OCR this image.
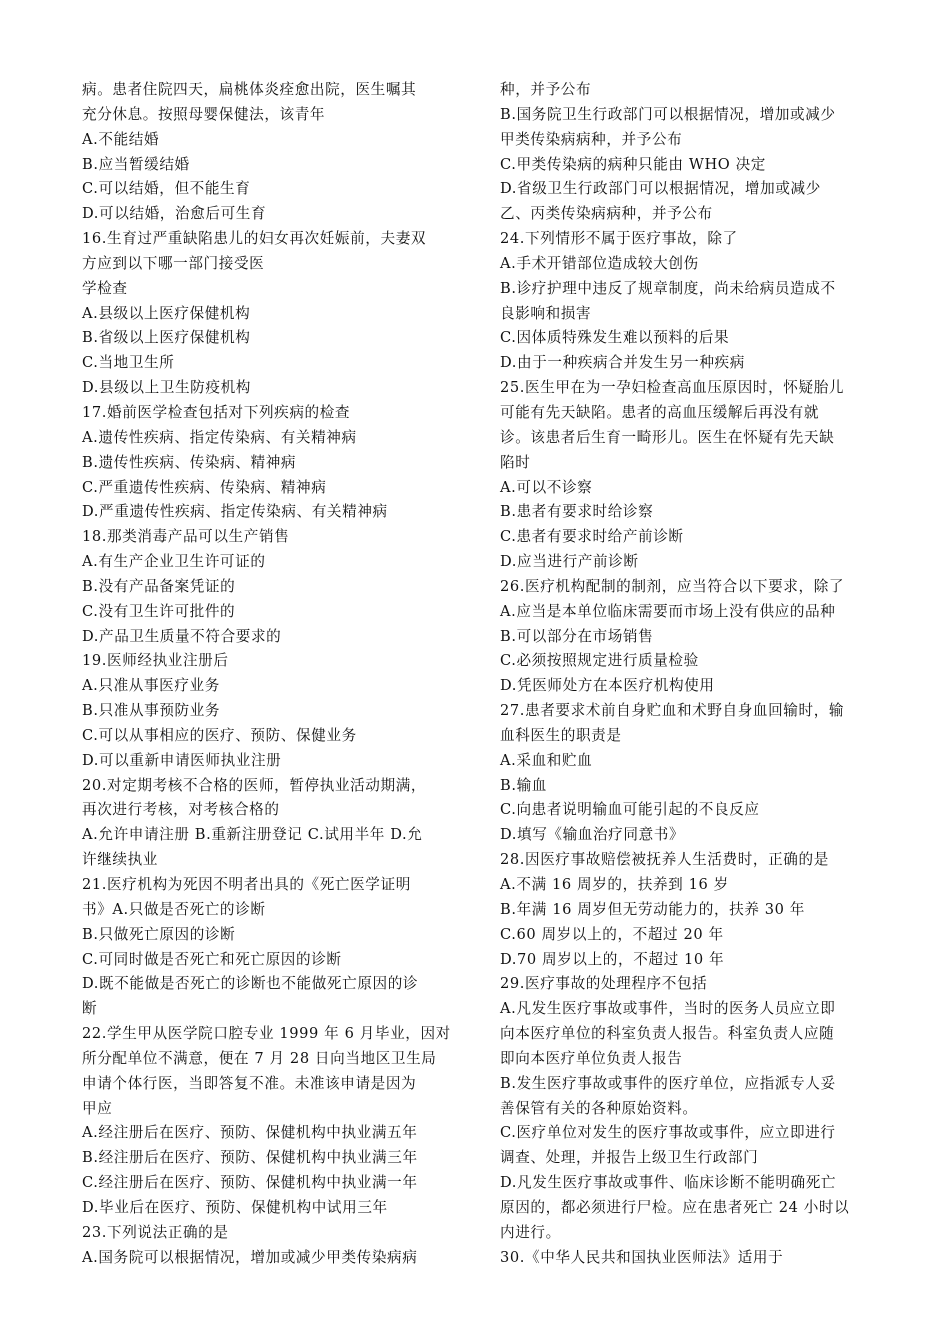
病。患者住院四天，扁桃体炎痊愈出院，医生嘱其
充分休息。按照母婴保健法，该青年
A.不能结婚
B.应当暂缓结婚
C.可以结婚，但不能生育
D.可以结婚，治愈后可生育
16.生育过严重缺陷患儿的妇女再次妊娠前，夫妻双
方应到以下哪一部门接受医
学检查
A.县级以上医疗保健机构
B.省级以上医疗保健机构
C.当地卫生所
D.县级以上卫生防疫机构
17.婚前医学检查包括对下列疾病的检查
A.遗传性疾病、指定传染病、有关精神病
B.遗传性疾病、传染病、精神病
C.严重遗传性疾病、传染病、精神病
D.严重遗传性疾病、指定传染病、有关精神病
18.那类消毒产品可以生产销售
A.有生产企业卫生许可证的
B.没有产品备案凭证的
C.没有卫生许可批件的
D.产品卫生质量不符合要求的
19.医师经执业注册后
A.只准从事医疗业务
B.只准从事预防业务
C.可以从事相应的医疗、预防、保健业务
D.可以重新申请医师执业注册
20.对定期考核不合格的医师，暂停执业活动期满，
再次进行考核，对考核合格的
A.允许申请注册 B.重新注册登记 C.试用半年 D.允
许继续执业
21.医疗机构为死因不明者出具的《死亡医学证明
书》A.只做是否死亡的诊断
B.只做死亡原因的诊断
C.可同时做是否死亡和死亡原因的诊断
D.既不能做是否死亡的诊断也不能做死亡原因的诊
断
22.学生甲从医学院口腔专业 1999 年 6 月毕业，因对
所分配单位不满意，便在 7 月 28 日向当地区卫生局
申请个体行医，当即答复不准。未准该申请是因为
甲应
A.经注册后在医疗、预防、保健机构中执业满五年
B.经注册后在医疗、预防、保健机构中执业满三年
C.经注册后在医疗、预防、保健机构中执业满一年
D.毕业后在医疗、预防、保健机构中试用三年
23.下列说法正确的是
A.国务院可以根据情况，增加或减少甲类传染病病
种，并予公布
B.国务院卫生行政部门可以根据情况，增加或减少
甲类传染病病种，并予公布
C.甲类传染病的病种只能由 WHO 决定
D.省级卫生行政部门可以根据情况，增加或减少
乙、丙类传染病病种，并予公布
24.下列情形不属于医疗事故，除了
A.手术开错部位造成较大创伤
B.诊疗护理中违反了规章制度，尚未给病员造成不
良影响和损害
C.因体质特殊发生难以预料的后果
D.由于一种疾病合并发生另一种疾病
25.医生甲在为一孕妇检查高血压原因时，怀疑胎儿
可能有先天缺陷。患者的高血压缓解后再没有就
诊。该患者后生育一畸形儿。医生在怀疑有先天缺
陷时
A.可以不诊察
B.患者有要求时给诊察
C.患者有要求时给产前诊断
D.应当进行产前诊断
26.医疗机构配制的制剂，应当符合以下要求，除了
A.应当是本单位临床需要而市场上没有供应的品种
B.可以部分在市场销售
C.必须按照规定进行质量检验
D.凭医师处方在本医疗机构使用
27.患者要求术前自身贮血和术野自身血回输时，输
血科医生的职责是
A.采血和贮血
B.输血
C.向患者说明输血可能引起的不良反应
D.填写《输血治疗同意书》
28.因医疗事故赔偿被抚养人生活费时，正确的是
A.不满 16 周岁的，扶养到 16 岁
B.年满 16 周岁但无劳动能力的，扶养 30 年
C.60 周岁以上的，不超过 20 年
D.70 周岁以上的，不超过 10 年
29.医疗事故的处理程序不包括
A.凡发生医疗事故或事件，当时的医务人员应立即
向本医疗单位的科室负责人报告。科室负责人应随
即向本医疗单位负责人报告
B.发生医疗事故或事件的医疗单位，应指派专人妥
善保管有关的各种原始资料。
C.医疗单位对发生的医疗事故或事件，应立即进行
调查、处理，并报告上级卫生行政部门
D.凡发生医疗事故或事件、临床诊断不能明确死亡
原因的，都必须进行尸检。应在患者死亡 24 小时以
内进行。
30.《中华人民共和国执业医师法》适用于
